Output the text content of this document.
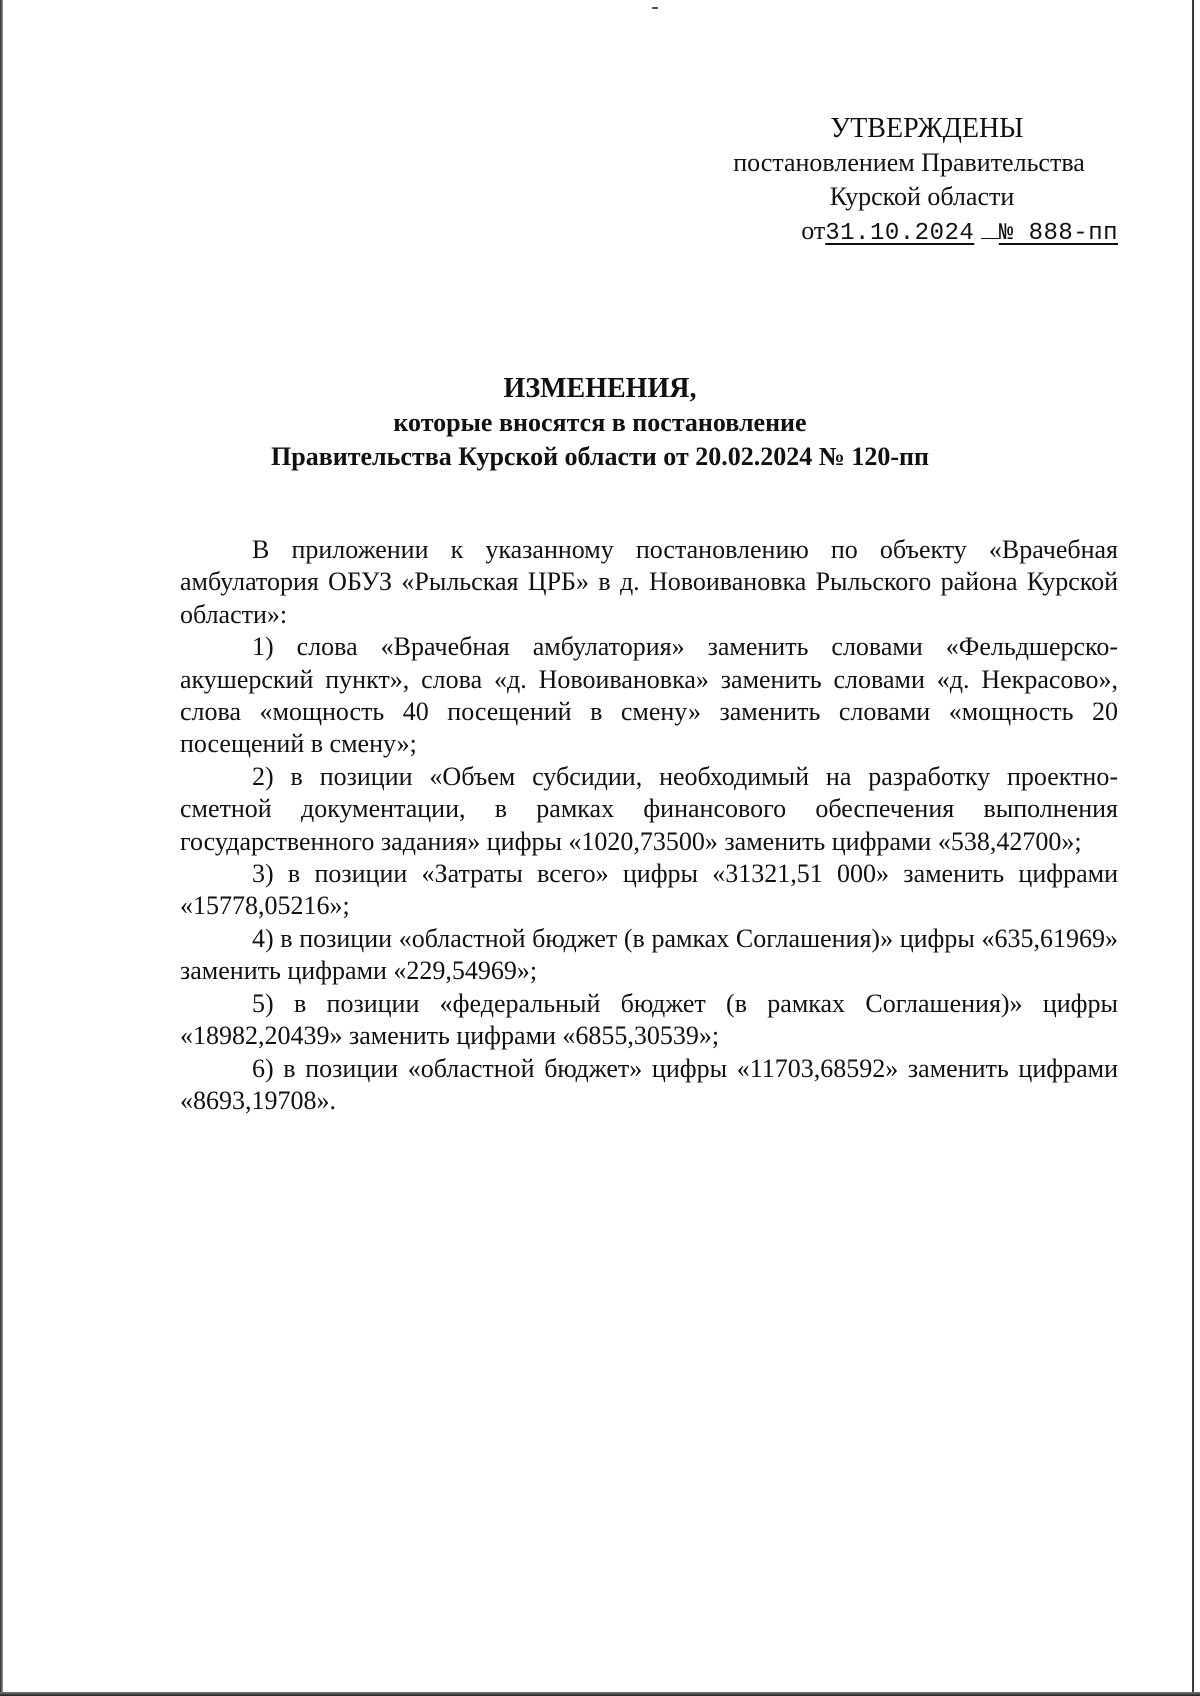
УТВЕРЖДЕНЫ
постановлением Правительства
Курской области
от31.10.2024 № 888-пп
ИЗМЕНЕНИЯ,
которые вносятся в постановление
Правительства Курской области от 20.02.2024 № 120-пп

В приложении к указанному постановлению по объекту «Врачебная амбулатория ОБУЗ «Рыльская ЦРБ» в д. Новоивановка Рыльского района Курской области»:

1) слова «Врачебная амбулатория» заменить словами «Фельдшерско-акушерский пункт», слова «д. Новоивановка» заменить словами «д. Некрасово», слова «мощность 40 посещений в смену» заменить словами «мощность 20 посещений в смену»;

2) в позиции «Объем субсидии, необходимый на разработку проектно-сметной документации, в рамках финансового обеспечения выполнения государственного задания» цифры «1020,73500» заменить цифрами «538,42700»;

3) в позиции «Затраты всего» цифры «31321,51 000» заменить цифрами «15778,05216»;

4) в позиции «областной бюджет (в рамках Соглашения)» цифры «635,61969» заменить цифрами «229,54969»;

5) в позиции «федеральный бюджет (в рамках Соглашения)» цифры «18982,20439» заменить цифрами «6855,30539»;

6) в позиции «областной бюджет» цифры «11703,68592» заменить цифрами «8693,19708».
